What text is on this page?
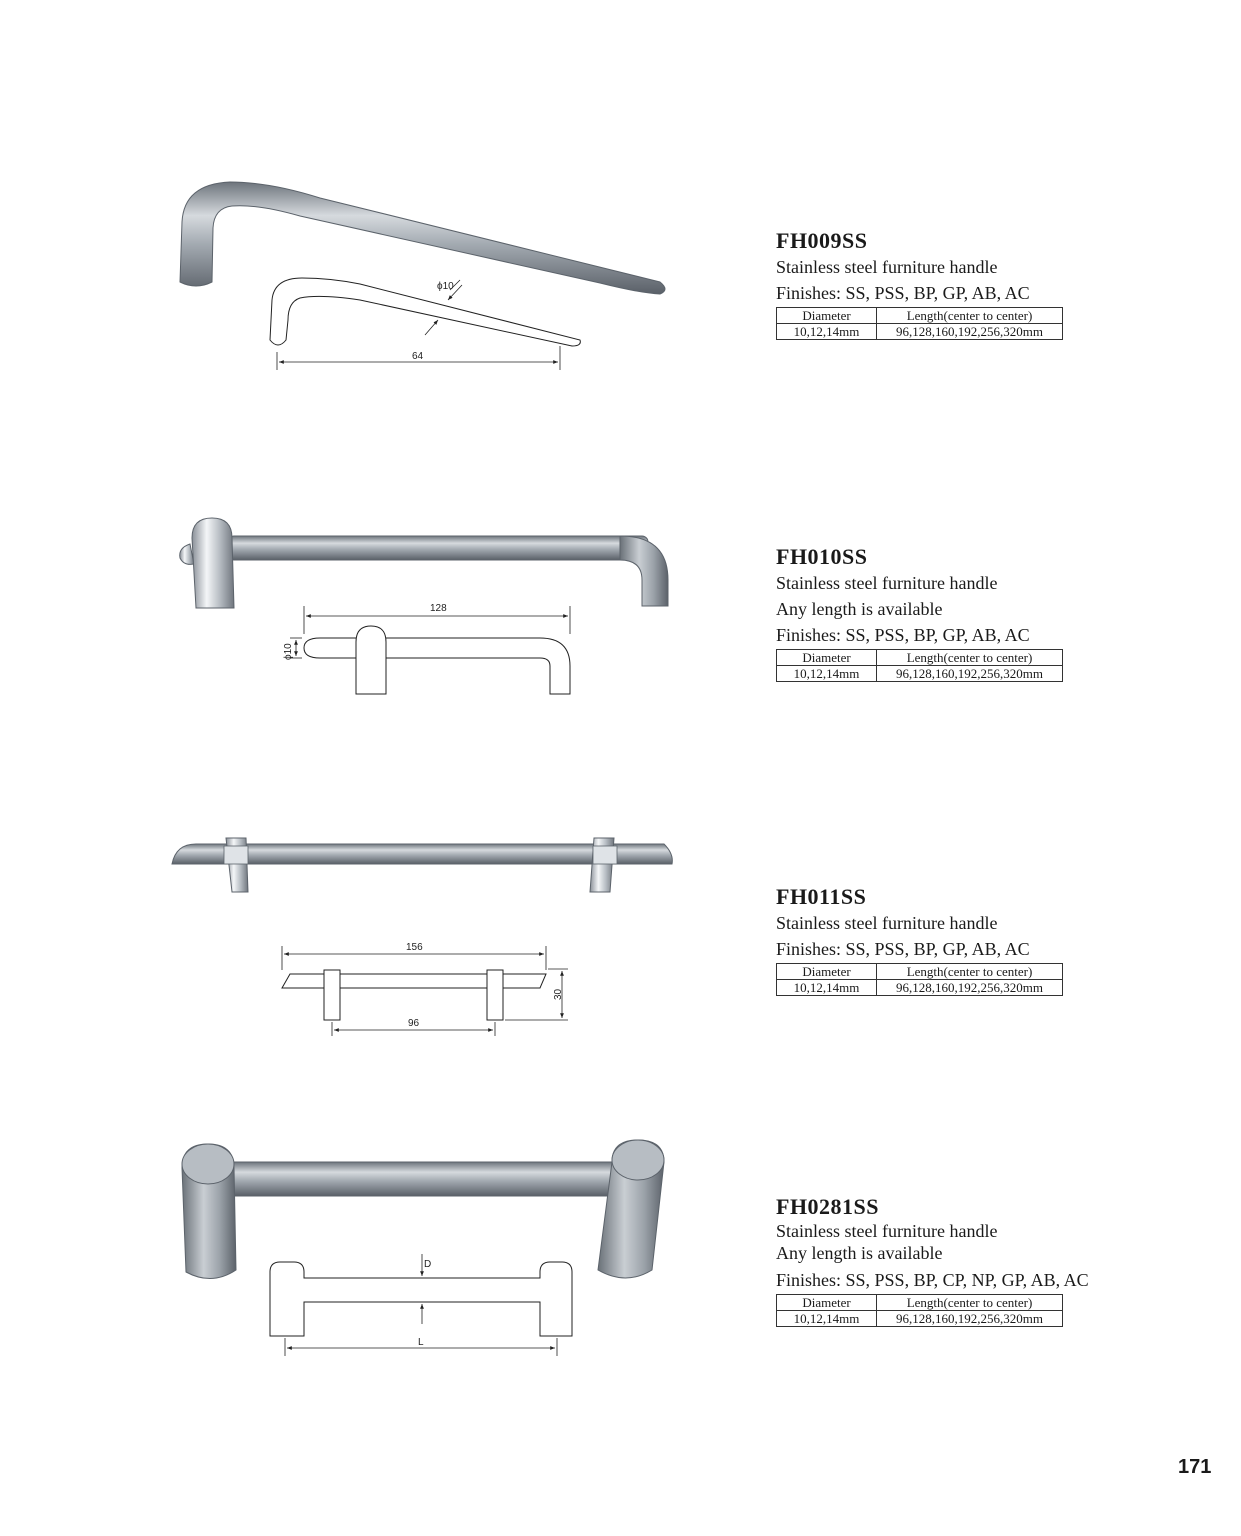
ϕ10
64

FH009SS

Stainless steel furniture handle

Finishes: SS, PSS, BP, GP, AB, AC

Diameter	Length(center to center)
10,12,14mm	96,128,160,192,256,320mm
128
ϕ10

FH010SS

Stainless steel furniture handle

Any length is available

Finishes: SS, PSS, BP, GP, AB, AC

Diameter	Length(center to center)
10,12,14mm	96,128,160,192,256,320mm
156
30
96

FH011SS

Stainless steel furniture handle

Finishes: SS, PSS, BP, GP, AB, AC

Diameter	Length(center to center)
10,12,14mm	96,128,160,192,256,320mm
D
L

FH0281SS

Stainless steel furniture handle

Any length is available

Finishes: SS, PSS, BP, CP, NP, GP, AB, AC

Diameter	Length(center to center)
10,12,14mm	96,128,160,192,256,320mm
171
